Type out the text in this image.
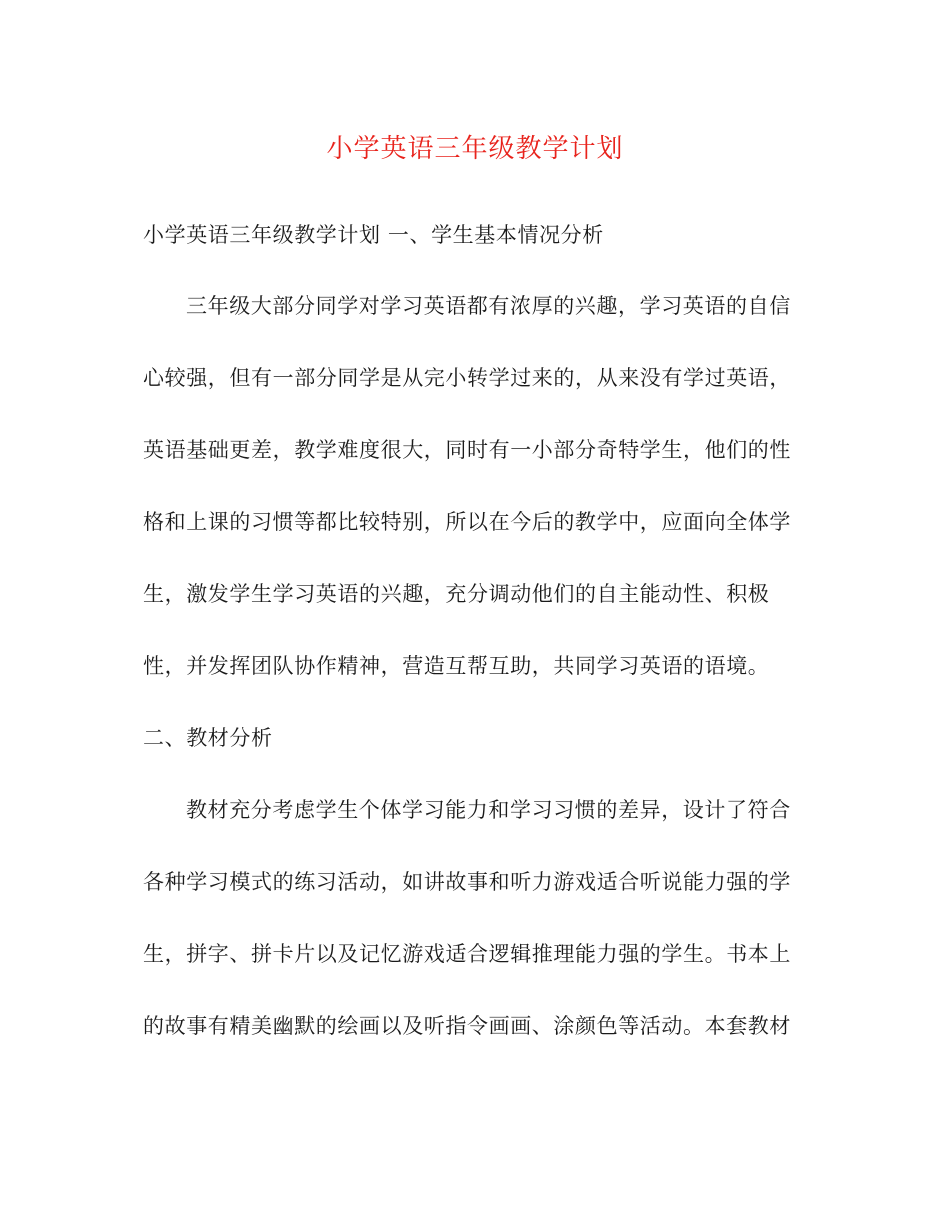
小学英语三年级教学计划
小学英语三年级教学计划 一、学生基本情况分析
三年级大部分同学对学习英语都有浓厚的兴趣，学习英语的自信
心较强，但有一部分同学是从完小转学过来的，从来没有学过英语，
英语基础更差，教学难度很大，同时有一小部分奇特学生，他们的性
格和上课的习惯等都比较特别，所以在今后的教学中，应面向全体学
生，激发学生学习英语的兴趣，充分调动他们的自主能动性、积极
性，并发挥团队协作精神，营造互帮互助，共同学习英语的语境。
二、教材分析
教材充分考虑学生个体学习能力和学习习惯的差异，设计了符合
各种学习模式的练习活动，如讲故事和听力游戏适合听说能力强的学
生，拼字、拼卡片以及记忆游戏适合逻辑推理能力强的学生。书本上
的故事有精美幽默的绘画以及听指令画画、涂颜色等活动。本套教材
